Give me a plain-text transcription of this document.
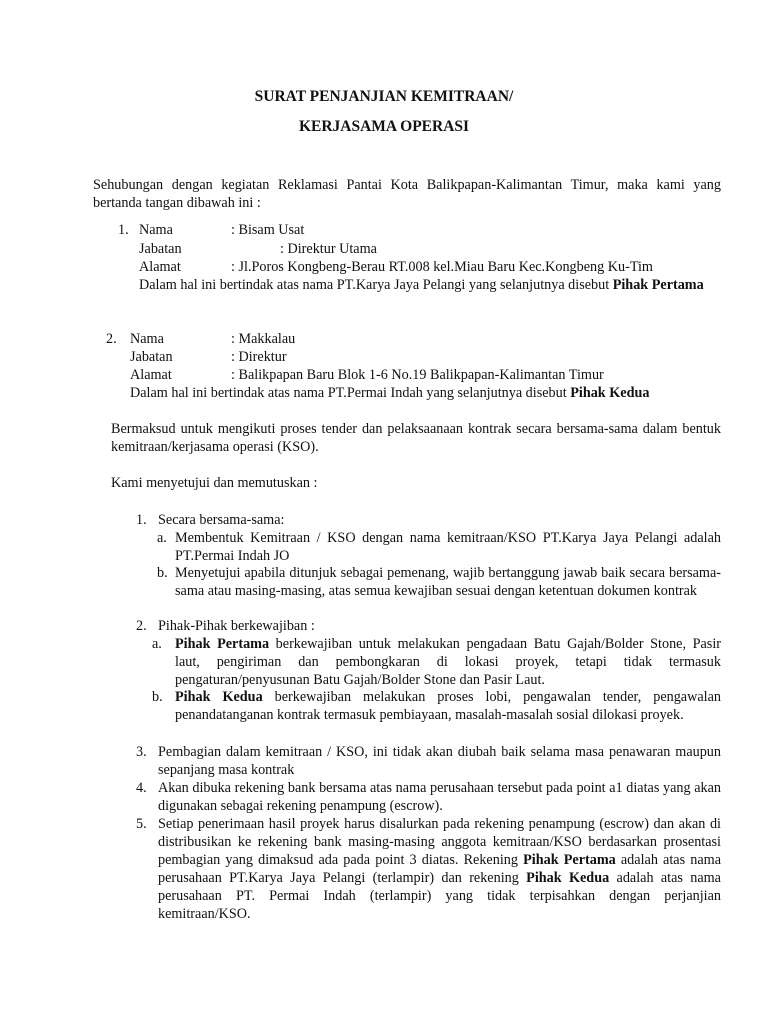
SURAT PENJANJIAN KEMITRAAN/
KERJASAMA OPERASI
Sehubungan dengan kegiatan Reklamasi Pantai Kota Balikpapan-Kalimantan Timur, maka kami yang bertanda tangan dibawah ini :
1. Nama	: Bisam Usat
Jabatan	: Direktur Utama
Alamat	: Jl.Poros Kongbeng-Berau RT.008 kel.Miau Baru Kec.Kongbeng Ku-Tim
Dalam hal ini bertindak atas nama PT.Karya Jaya Pelangi yang selanjutnya disebut Pihak Pertama
2. Nama	: Makkalau
Jabatan	: Direktur
Alamat	: Balikpapan Baru Blok 1-6 No.19 Balikpapan-Kalimantan Timur
Dalam hal ini bertindak atas nama PT.Permai Indah yang selanjutnya disebut Pihak Kedua
Bermaksud untuk mengikuti proses tender dan pelaksaanaan kontrak secara bersama-sama dalam bentuk kemitraan/kerjasama operasi (KSO).
Kami menyetujui dan memutuskan :
1. Secara bersama-sama:
a. Membentuk Kemitraan / KSO dengan nama kemitraan/KSO PT.Karya Jaya Pelangi adalah PT.Permai Indah JO
b. Menyetujui apabila ditunjuk sebagai pemenang, wajib bertanggung jawab baik secara bersama-sama atau masing-masing, atas semua kewajiban sesuai dengan ketentuan dokumen kontrak
2. Pihak-Pihak berkewajiban :
a. Pihak Pertama berkewajiban untuk melakukan pengadaan Batu Gajah/Bolder Stone, Pasir laut, pengiriman dan pembongkaran di lokasi proyek, tetapi tidak termasuk pengaturan/penyusunan Batu Gajah/Bolder Stone dan Pasir Laut.
b. Pihak Kedua berkewajiban melakukan proses lobi, pengawalan tender, pengawalan penandatanganan kontrak termasuk pembiayaan, masalah-masalah sosial dilokasi proyek.
3. Pembagian dalam kemitraan / KSO, ini tidak akan diubah baik selama masa penawaran maupun sepanjang masa kontrak
4. Akan dibuka rekening bank bersama atas nama perusahaan tersebut pada point a1 diatas yang akan digunakan sebagai rekening penampung (escrow).
5. Setiap penerimaan hasil proyek harus disalurkan pada rekening penampung (escrow) dan akan di distribusikan ke rekening bank masing-masing anggota kemitraan/KSO berdasarkan prosentasi pembagian yang dimaksud ada pada point 3 diatas. Rekening Pihak Pertama adalah atas nama perusahaan PT.Karya Jaya Pelangi (terlampir) dan rekening Pihak Kedua adalah atas nama perusahaan PT. Permai Indah (terlampir) yang tidak terpisahkan dengan perjanjian kemitraan/KSO.
